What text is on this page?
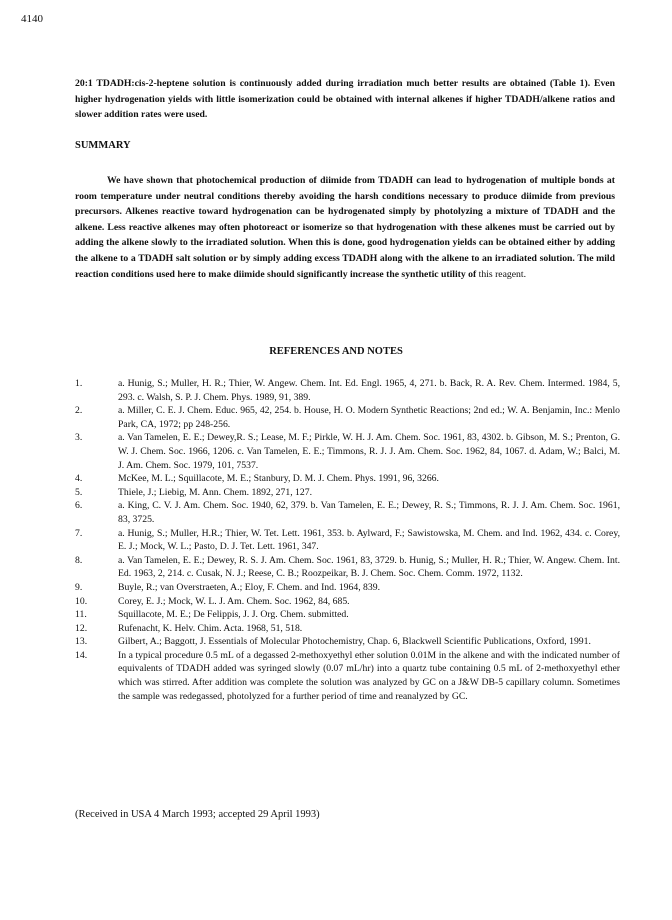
4140

20:1 TDADH:cis-2-heptene solution is continuously added during irradiation much better results are obtained (Table 1). Even higher hydrogenation yields with little isomerization could be obtained with internal alkenes if higher TDADH/alkene ratios and slower addition rates were used.

SUMMARY

We have shown that photochemical production of diimide from TDADH can lead to hydrogenation of multiple bonds at room temperature under neutral conditions thereby avoiding the harsh conditions necessary to produce diimide from previous precursors. Alkenes reactive toward hydrogenation can be hydrogenated simply by photolyzing a mixture of TDADH and the alkene. Less reactive alkenes may often photoreact or isomerize so that hydrogenation with these alkenes must be carried out by adding the alkene slowly to the irradiated solution. When this is done, good hydrogenation yields can be obtained either by adding the alkene to a TDADH salt solution or by simply adding excess TDADH along with the alkene to an irradiated solution. The mild reaction conditions used here to make diimide should significantly increase the synthetic utility of this reagent.

REFERENCES AND NOTES
1.	a. Hunig, S.; Muller, H. R.; Thier, W. Angew. Chem. Int. Ed. Engl. 1965, 4, 271. b. Back, R. A. Rev. Chem. Intermed. 1984, 5, 293. c. Walsh, S. P. J. Chem. Phys. 1989, 91, 389.
2.	a. Miller, C. E. J. Chem. Educ. 965, 42, 254. b. House, H. O. Modern Synthetic Reactions; 2nd ed.; W. A. Benjamin, Inc.: Menlo Park, CA, 1972; pp 248-256.
3.	a. Van Tamelen, E. E.; Dewey,R. S.; Lease, M. F.; Pirkle, W. H. J. Am. Chem. Soc. 1961, 83, 4302. b. Gibson, M. S.; Prenton, G. W. J. Chem. Soc. 1966, 1206. c. Van Tamelen, E. E.; Timmons, R. J. J. Am. Chem. Soc. 1962, 84, 1067. d. Adam, W.; Balci, M. J. Am. Chem. Soc. 1979, 101, 7537.
4.	McKee, M. L.; Squillacote, M. E.; Stanbury, D. M. J. Chem. Phys. 1991, 96, 3266.
5.	Thiele, J.; Liebig, M. Ann. Chem. 1892, 271, 127.
6.	a. King, C. V. J. Am. Chem. Soc. 1940, 62, 379. b. Van Tamelen, E. E.; Dewey, R. S.; Timmons, R. J. J. Am. Chem. Soc. 1961, 83, 3725.
7.	a. Hunig, S.; Muller, H.R.; Thier, W. Tet. Lett. 1961, 353. b. Aylward, F.; Sawistowska, M. Chem. and Ind. 1962, 434. c. Corey, E. J.; Mock, W. L.; Pasto, D. J. Tet. Lett. 1961, 347.
8.	a. Van Tamelen, E. E.; Dewey, R. S. J. Am. Chem. Soc. 1961, 83, 3729. b. Hunig, S.; Muller, H. R.; Thier, W. Angew. Chem. Int. Ed. 1963, 2, 214. c. Cusak, N. J.; Reese, C. B.; Roozpeikar, B. J. Chem. Soc. Chem. Comm. 1972, 1132.
9.	Buyle, R.; van Overstraeten, A.; Eloy, F. Chem. and Ind. 1964, 839.
10.	Corey, E. J.; Mock, W. L. J. Am. Chem. Soc. 1962, 84, 685.
11.	Squillacote, M. E.; De Felippis, J. J. Org. Chem. submitted.
12.	Rufenacht, K. Helv. Chim. Acta. 1968, 51, 518.
13.	Gilbert, A.; Baggott, J. Essentials of Molecular Photochemistry, Chap. 6, Blackwell Scientific Publications, Oxford, 1991.
14.	In a typical procedure 0.5 mL of a degassed 2-methoxyethyl ether solution 0.01M in the alkene and with the indicated number of equivalents of TDADH added was syringed slowly (0.07 mL/hr) into a quartz tube containing 0.5 mL of 2-methoxyethyl ether which was stirred. After addition was complete the solution was analyzed by GC on a J&W DB-5 capillary column. Sometimes the sample was redegassed, photolyzed for a further period of time and reanalyzed by GC.

(Received in USA 4 March 1993; accepted 29 April 1993)
